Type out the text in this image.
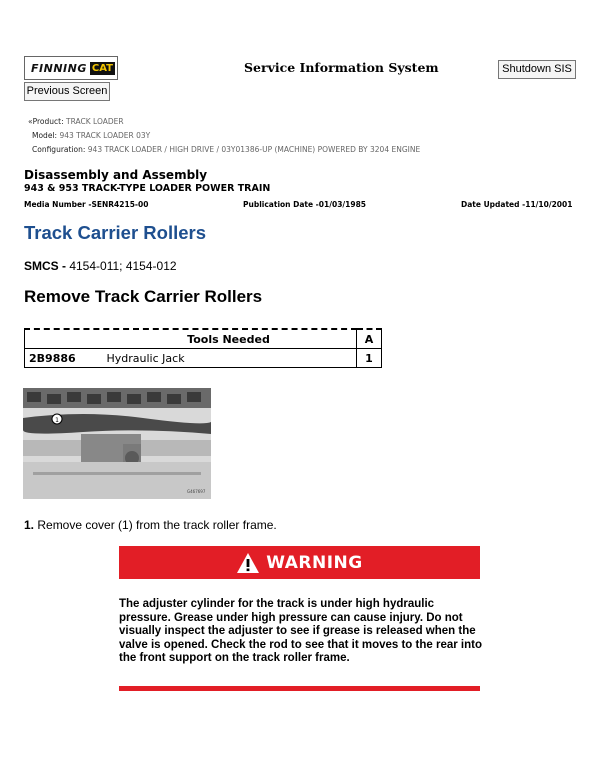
FINNING CAT	Service Information System	Shutdown SIS
Previous Screen
«Product: TRACK LOADER
Model: 943 TRACK LOADER 03Y
Configuration: 943 TRACK LOADER / HIGH DRIVE / 03Y01386-UP (MACHINE) POWERED BY 3204 ENGINE
Disassembly and Assembly
943 & 953 TRACK-TYPE LOADER POWER TRAIN
Media Number -SENR4215-00	Publication Date -01/03/1985	Date Updated -11/10/2001
Track Carrier Rollers
SMCS - 4154-011; 4154-012
Remove Track Carrier Rollers
Tools Needed	A
2B9886 Hydraulic Jack	1
1
G467697
1. Remove cover (1) from the track roller frame.
WARNING
The adjuster cylinder for the track is under high hydraulic pressure. Grease under high pressure can cause injury. Do not visually inspect the adjuster to see if grease is released when the valve is opened. Check the rod to see that it moves to the rear into the front support on the track roller frame.
